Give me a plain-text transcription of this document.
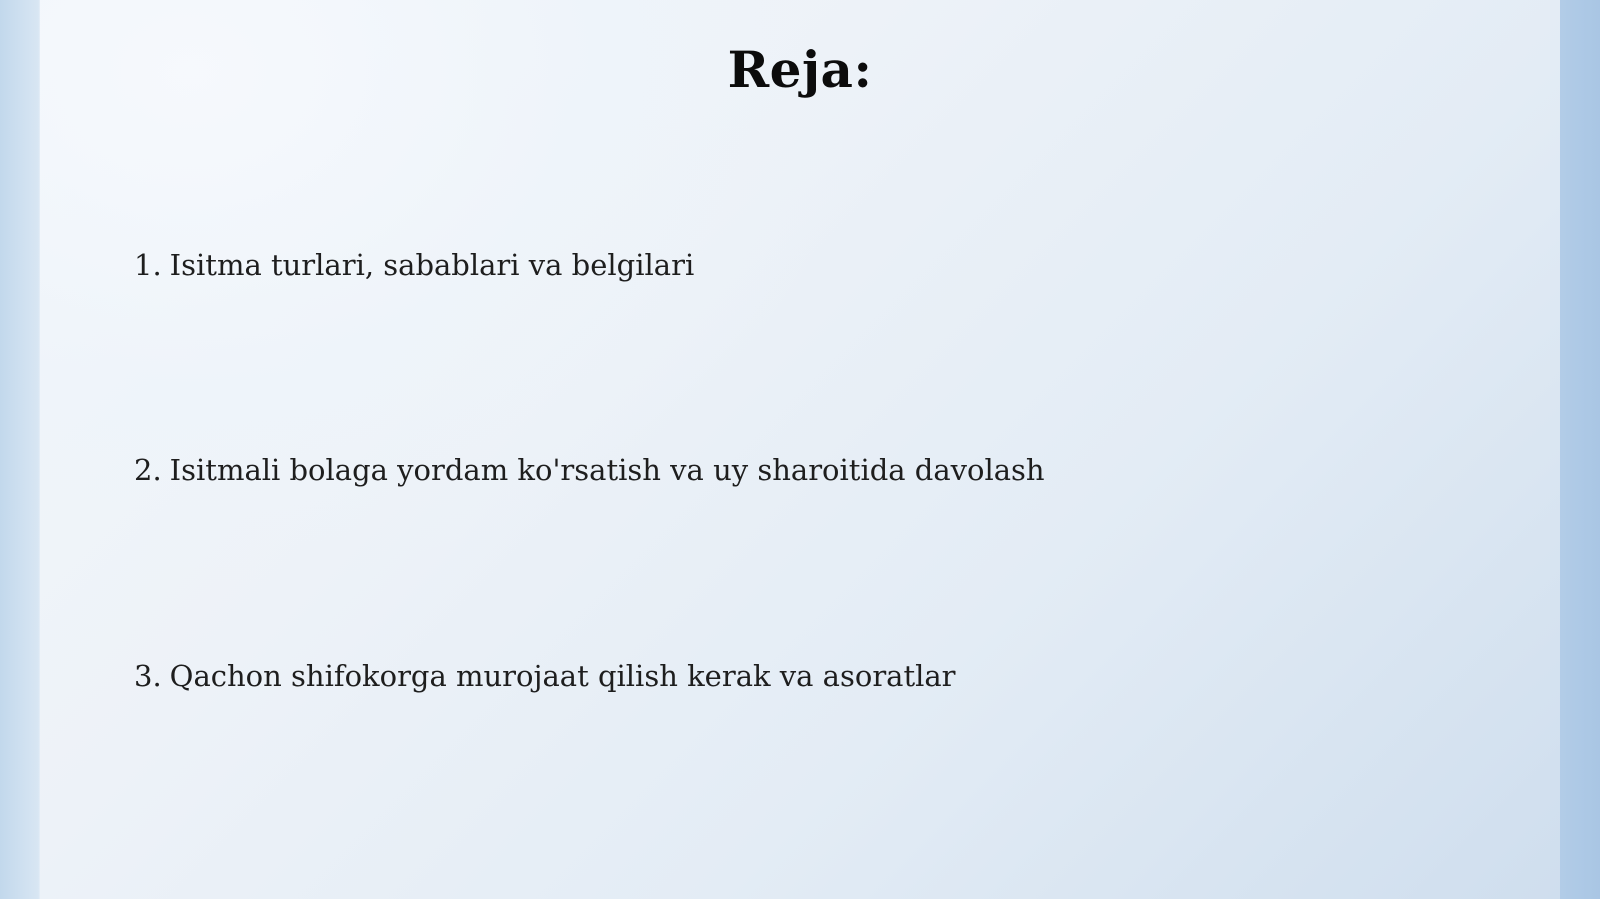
Reja:
1. Isitma turlari, sabablari va belgilari
2. Isitmali bolaga yordam ko'rsatish va uy sharoitida davolash
3. Qachon shifokorga murojaat qilish kerak va asoratlar
